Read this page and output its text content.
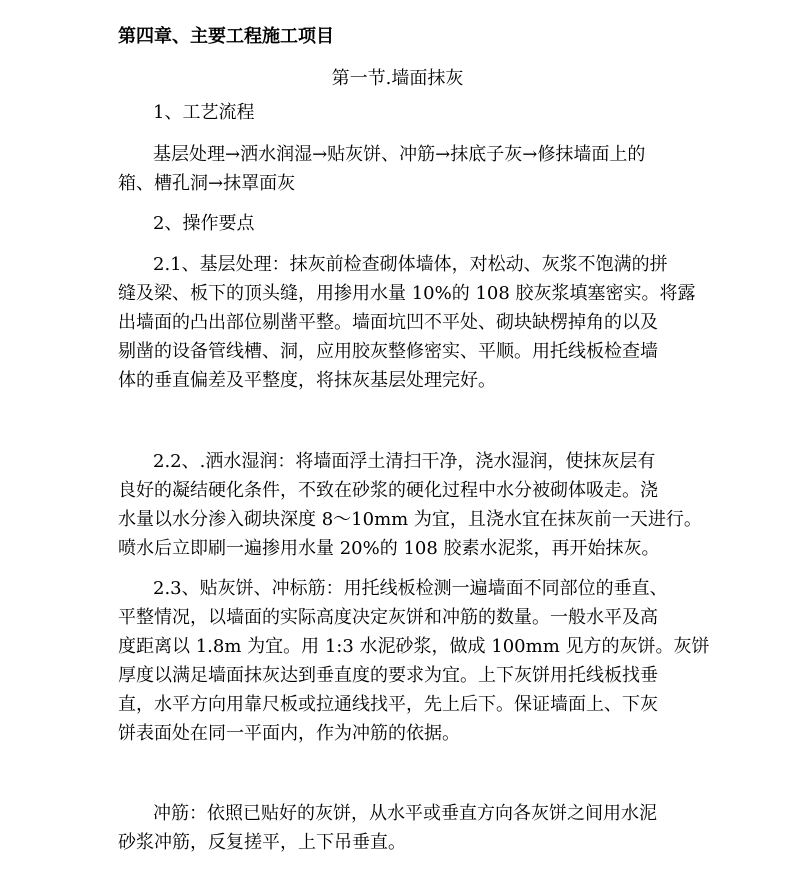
第四章、主要工程施工项目
第一节.墙面抹灰
1、工艺流程
基层处理→洒水润湿→贴灰饼、冲筋→抹底子灰→修抹墙面上的
箱、槽孔洞→抹罩面灰
2、操作要点
2.1、基层处理：抹灰前检查砌体墙体，对松动、灰浆不饱满的拼
缝及梁、板下的顶头缝，用掺用水量 10%的 108 胶灰浆填塞密实。将露
出墙面的凸出部位剔凿平整。墙面坑凹不平处、砌块缺楞掉角的以及
剔凿的设备管线槽、洞，应用胶灰整修密实、平顺。用托线板检查墙
体的垂直偏差及平整度，将抹灰基层处理完好。
2.2、.洒水湿润：将墙面浮土清扫干净，浇水湿润，使抹灰层有
良好的凝结硬化条件，不致在砂浆的硬化过程中水分被砌体吸走。浇
水量以水分渗入砌块深度 8～10mm 为宜，且浇水宜在抹灰前一天进行。
喷水后立即刷一遍掺用水量 20%的 108 胶素水泥浆，再开始抹灰。
2.3、贴灰饼、冲标筋：用托线板检测一遍墙面不同部位的垂直、
平整情况，以墙面的实际高度决定灰饼和冲筋的数量。一般水平及高
度距离以 1.8m 为宜。用 1:3 水泥砂浆，做成 100mm 见方的灰饼。灰饼
厚度以满足墙面抹灰达到垂直度的要求为宜。上下灰饼用托线板找垂
直，水平方向用靠尺板或拉通线找平，先上后下。保证墙面上、下灰
饼表面处在同一平面内，作为冲筋的依据。
冲筋：依照已贴好的灰饼，从水平或垂直方向各灰饼之间用水泥
砂浆冲筋，反复搓平，上下吊垂直。
